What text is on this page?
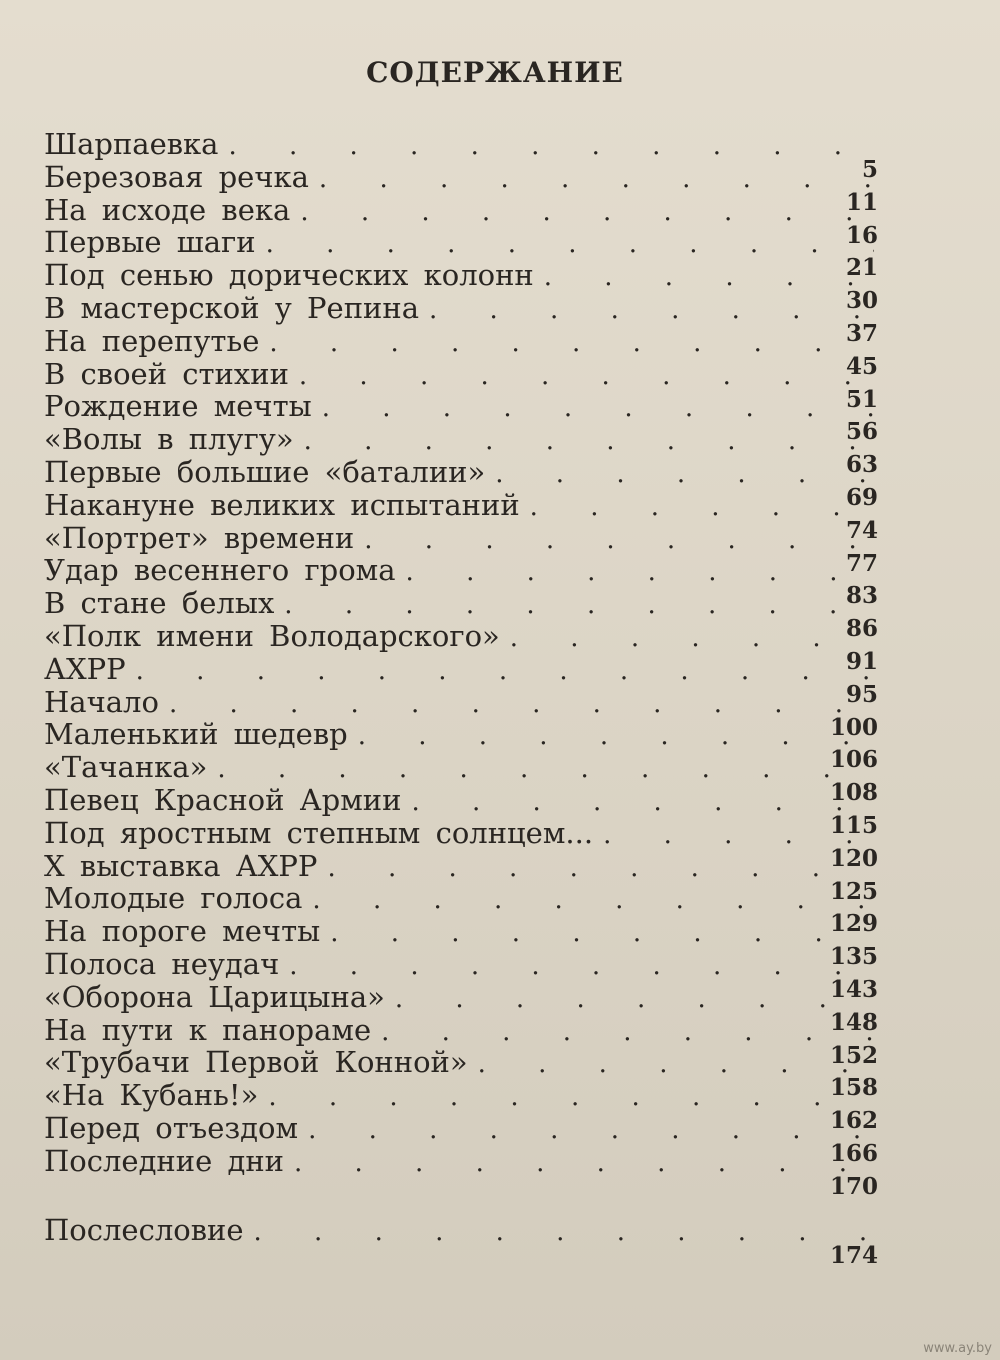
СОДЕРЖАНИЕ
Шарпаевка
. . .
5
Березовая речка
. . .
11
На исходе века
. . .
16
Первые шаги
. . .
21
Под сенью дорических колонн
. . .
30
В мастерской у Репина
. . .
37
На перепутье
. . .
45
В своей стихии
. . .
51
Рождение мечты
. . .
56
«Волы в плугу»
. . .
63
Первые большие «баталии»
. . .
69
Накануне великих испытаний
. . .
74
«Портрет» времени
. . .
77
Удар весеннего грома
. . .
83
В стане белых
. . .
86
«Полк имени Володарского»
. . .
91
АХРР
. . .
95
Начало
. . .
100
Маленький шедевр
. . .
106
«Тачанка»
. . .
108
Певец Красной Армии
. . .
115
Под яростным степным солнцем...
. . .
120
X выставка АХРР
. . .
125
Молодые голоса
. . .
129
На пороге мечты
. . .
135
Полоса неудач
. . .
143
«Оборона Царицына»
. . .
148
На пути к панораме
. . .
152
«Трубачи Первой Конной»
. . .
158
«На Кубань!»
. . .
162
Перед отъездом
. . .
166
Последние дни
. . .
170
Послесловие
. . .
174
www.ay.by
